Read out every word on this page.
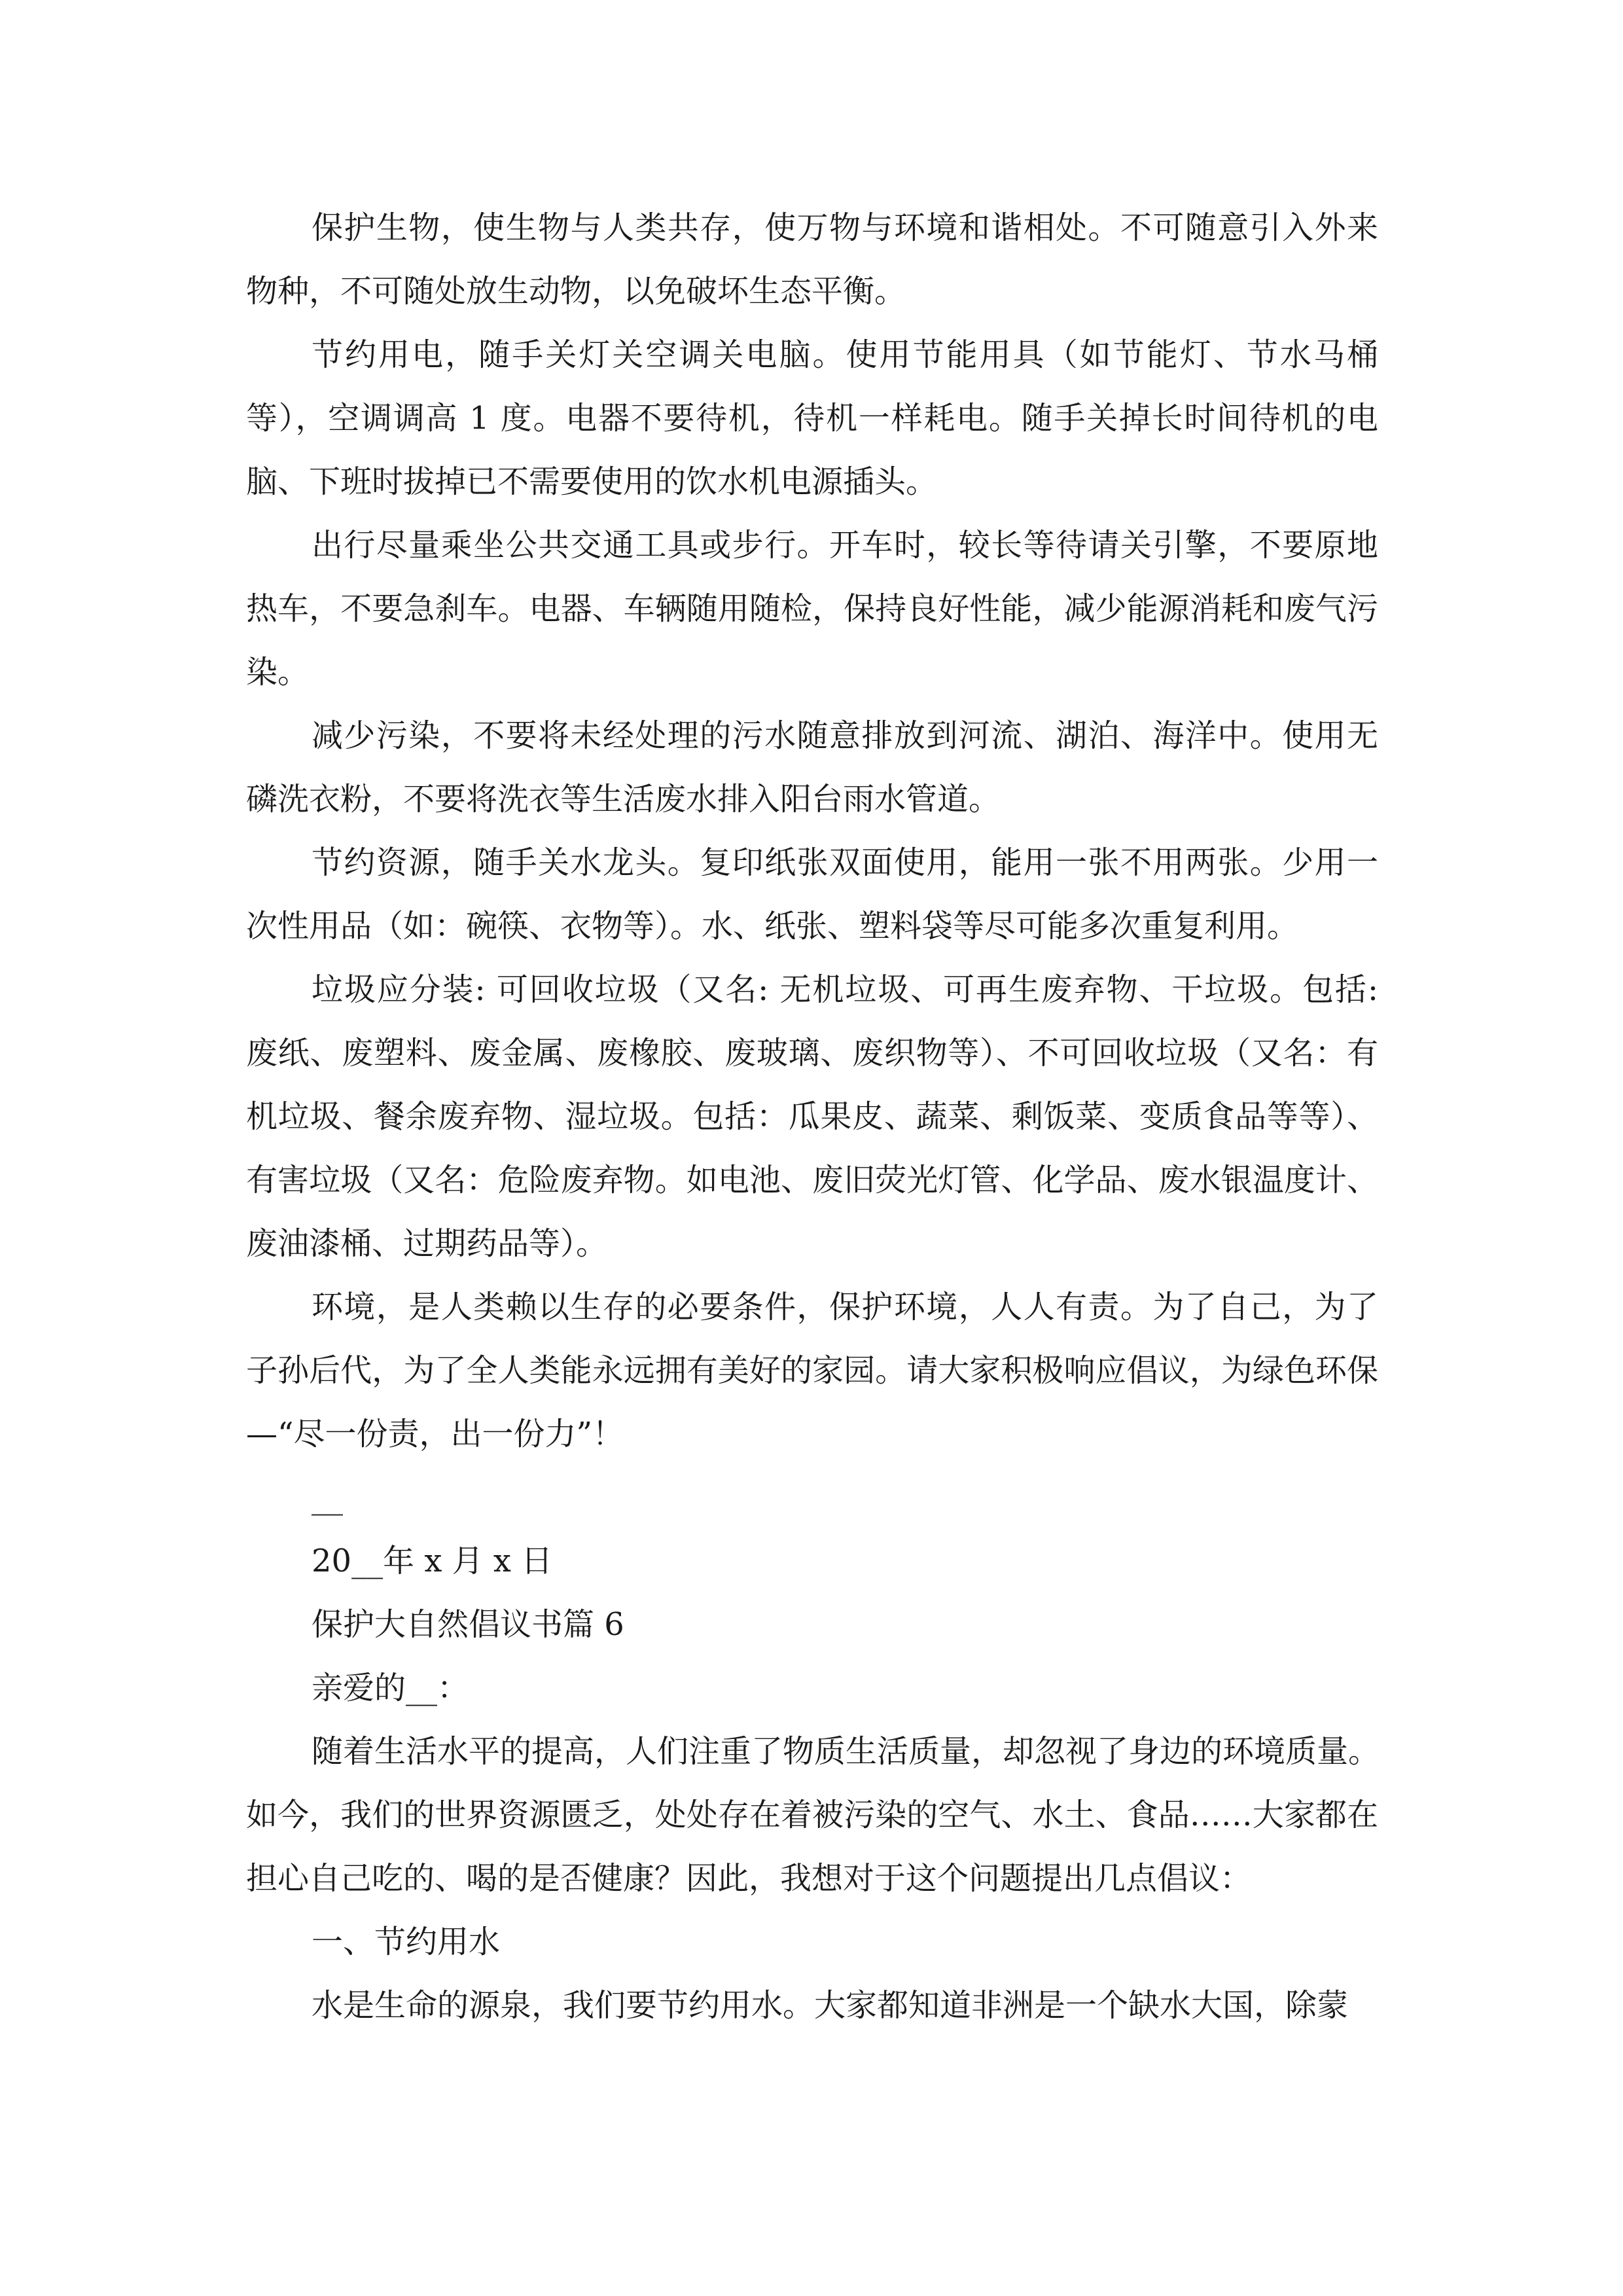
保护生物，使生物与人类共存，使万物与环境和谐相处。不可随意引入外来物种，不可随处放生动物，以免破坏生态平衡。

节约用电，随手关灯关空调关电脑。使用节能用具（如节能灯、节水马桶等），空调调高 1 度。电器不要待机，待机一样耗电。随手关掉长时间待机的电脑、下班时拔掉已不需要使用的饮水机电源插头。

出行尽量乘坐公共交通工具或步行。开车时，较长等待请关引擎，不要原地热车，不要急刹车。电器、车辆随用随检，保持良好性能，减少能源消耗和废气污染。

减少污染，不要将未经处理的污水随意排放到河流、湖泊、海洋中。使用无磷洗衣粉，不要将洗衣等生活废水排入阳台雨水管道。

节约资源，随手关水龙头。复印纸张双面使用，能用一张不用两张。少用一次性用品（如：碗筷、衣物等）。水、纸张、塑料袋等尽可能多次重复利用。

垃圾应分装: 可回收垃圾（又名: 无机垃圾、可再生废弃物、干垃圾。包括: 废纸、废塑料、废金属、废橡胶、废玻璃、废织物等）、不可回收垃圾（又名：有机垃圾、餐余废弃物、湿垃圾。包括：瓜果皮、蔬菜、剩饭菜、变质食品等等）、有害垃圾（又名：危险废弃物。如电池、废旧荧光灯管、化学品、废水银温度计、废油漆桶、过期药品等）。

环境，是人类赖以生存的必要条件，保护环境，人人有责。为了自己，为了子孙后代，为了全人类能永远拥有美好的家园。请大家积极响应倡议，为绿色环保—“尽一份责，出一份力”！

__

20__年 x 月 x 日

保护大自然倡议书篇 6

亲爱的__：

随着生活水平的提高，人们注重了物质生活质量，却忽视了身边的环境质量。

如今，我们的世界资源匮乏，处处存在着被污染的空气、水土、食品……大家都在担心自己吃的、喝的是否健康？因此，我想对于这个问题提出几点倡议：

一、节约用水

水是生命的源泉，我们要节约用水。大家都知道非洲是一个缺水大国，除蒙
